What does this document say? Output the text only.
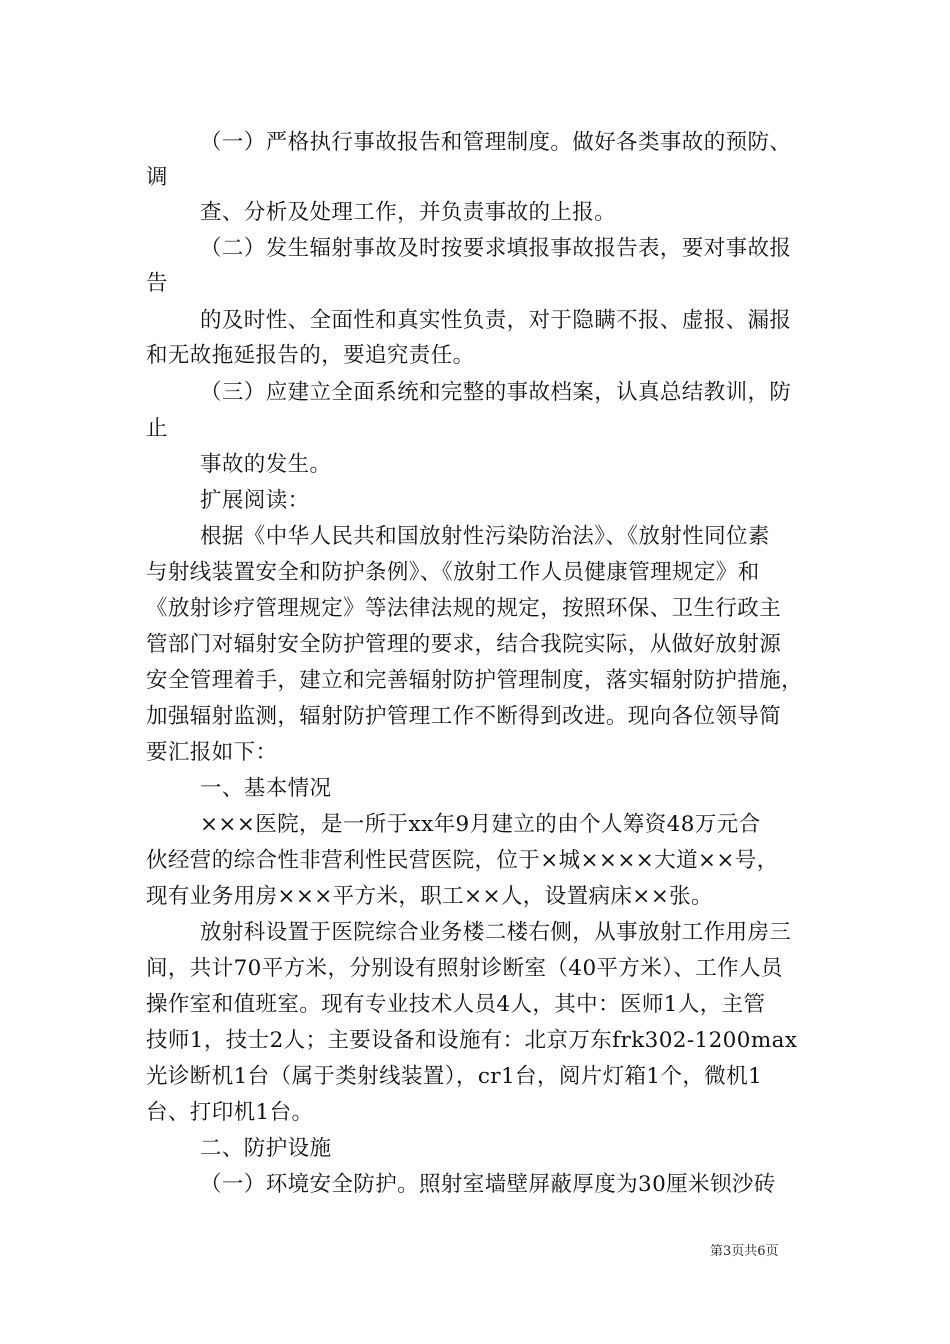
（一）严格执行事故报告和管理制度。做好各类事故的预防、
调
查、分析及处理工作，并负责事故的上报。
（二）发生辐射事故及时按要求填报事故报告表，要对事故报
告
的及时性、全面性和真实性负责，对于隐瞒不报、虚报、漏报
和无故拖延报告的，要追究责任。
（三）应建立全面系统和完整的事故档案，认真总结教训，防
止
事故的发生。
扩展阅读：
根据《中华人民共和国放射性污染防治法》、《放射性同位素
与射线装置安全和防护条例》、《放射工作人员健康管理规定》和
《放射诊疗管理规定》等法律法规的规定，按照环保、卫生行政主
管部门对辐射安全防护管理的要求，结合我院实际，从做好放射源
安全管理着手，建立和完善辐射防护管理制度，落实辐射防护措施，
加强辐射监测，辐射防护管理工作不断得到改进。现向各位领导简
要汇报如下：
一、基本情况
×××医院，是一所于xx年9月建立的由个人筹资48万元合
伙经营的综合性非营利性民营医院，位于×城××××大道××号，
现有业务用房×××平方米，职工××人，设置病床××张。
放射科设置于医院综合业务楼二楼右侧，从事放射工作用房三
间，共计70平方米，分别设有照射诊断室（40平方米）、工作人员
操作室和值班室。现有专业技术人员4人，其中：医师1人，主管
技师1，技士2人；主要设备和设施有：北京万东frk302-1200max
光诊断机1台（属于类射线装置），cr1台，阅片灯箱1个，微机1
台、打印机1台。
二、防护设施
（一）环境安全防护。照射室墙壁屏蔽厚度为30厘米钡沙砖
第3页共6页
